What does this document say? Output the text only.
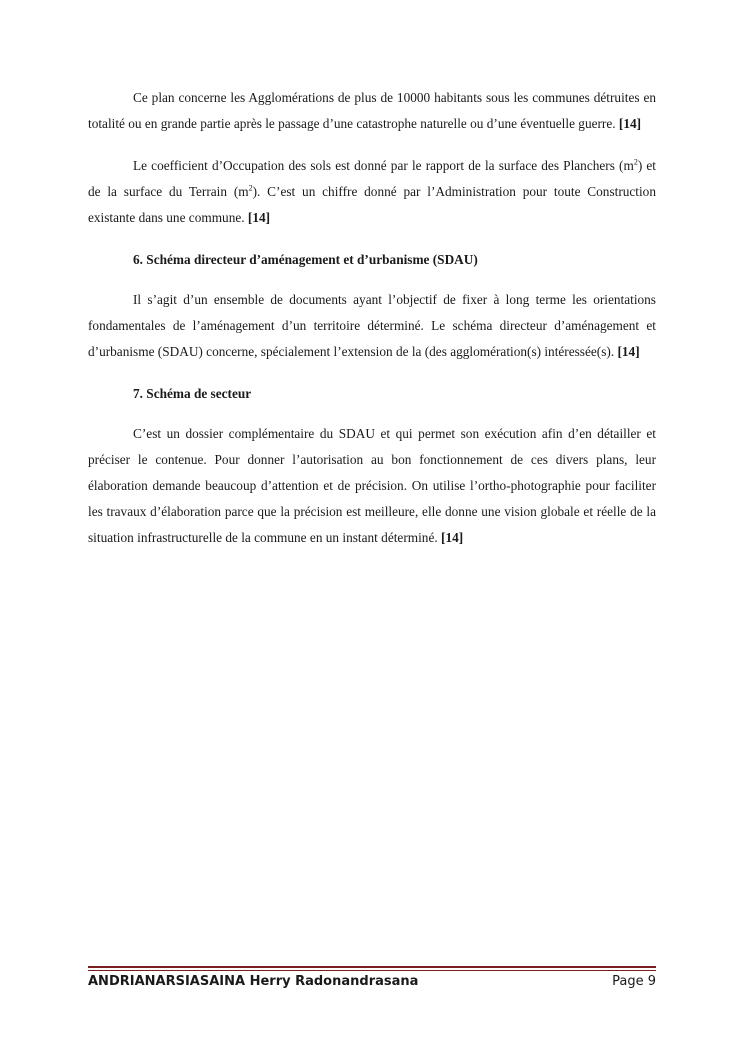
Ce plan concerne les Agglomérations de plus de 10000 habitants sous les communes détruites en totalité ou en grande partie après le passage d’une catastrophe naturelle ou d’une éventuelle guerre. [14]

Le coefficient d’Occupation des sols est donné par le rapport de la surface des Planchers $(m^2)$ et de la surface du Terrain $(m^2)$. C’est un chiffre donné par l’Administration pour toute Construction existante dans une commune. [14]

6. Schéma directeur d’aménagement et d’urbanisme (SDAU)

Il s’agit d’un ensemble de documents ayant l’objectif de fixer à long terme les orientations fondamentales de l’aménagement d’un territoire déterminé. Le schéma directeur d’aménagement et d’urbanisme (SDAU) concerne, spécialement l’extension de la (des agglomération(s) intéressée(s). [14]

7. Schéma de secteur

C’est un dossier complémentaire du SDAU et qui permet son exécution afin d’en détailler et préciser le contenue. Pour donner l’autorisation au bon fonctionnement de ces divers plans, leur élaboration demande beaucoup d’attention et de précision. On utilise l’ortho-photographie pour faciliter les travaux d’élaboration parce que la précision est meilleure, elle donne une vision globale et réelle de la situation infrastructurelle de la commune en un instant déterminé. [14]

ANDRIANARSIASAINA Herry Radonandrasana	Page 9
